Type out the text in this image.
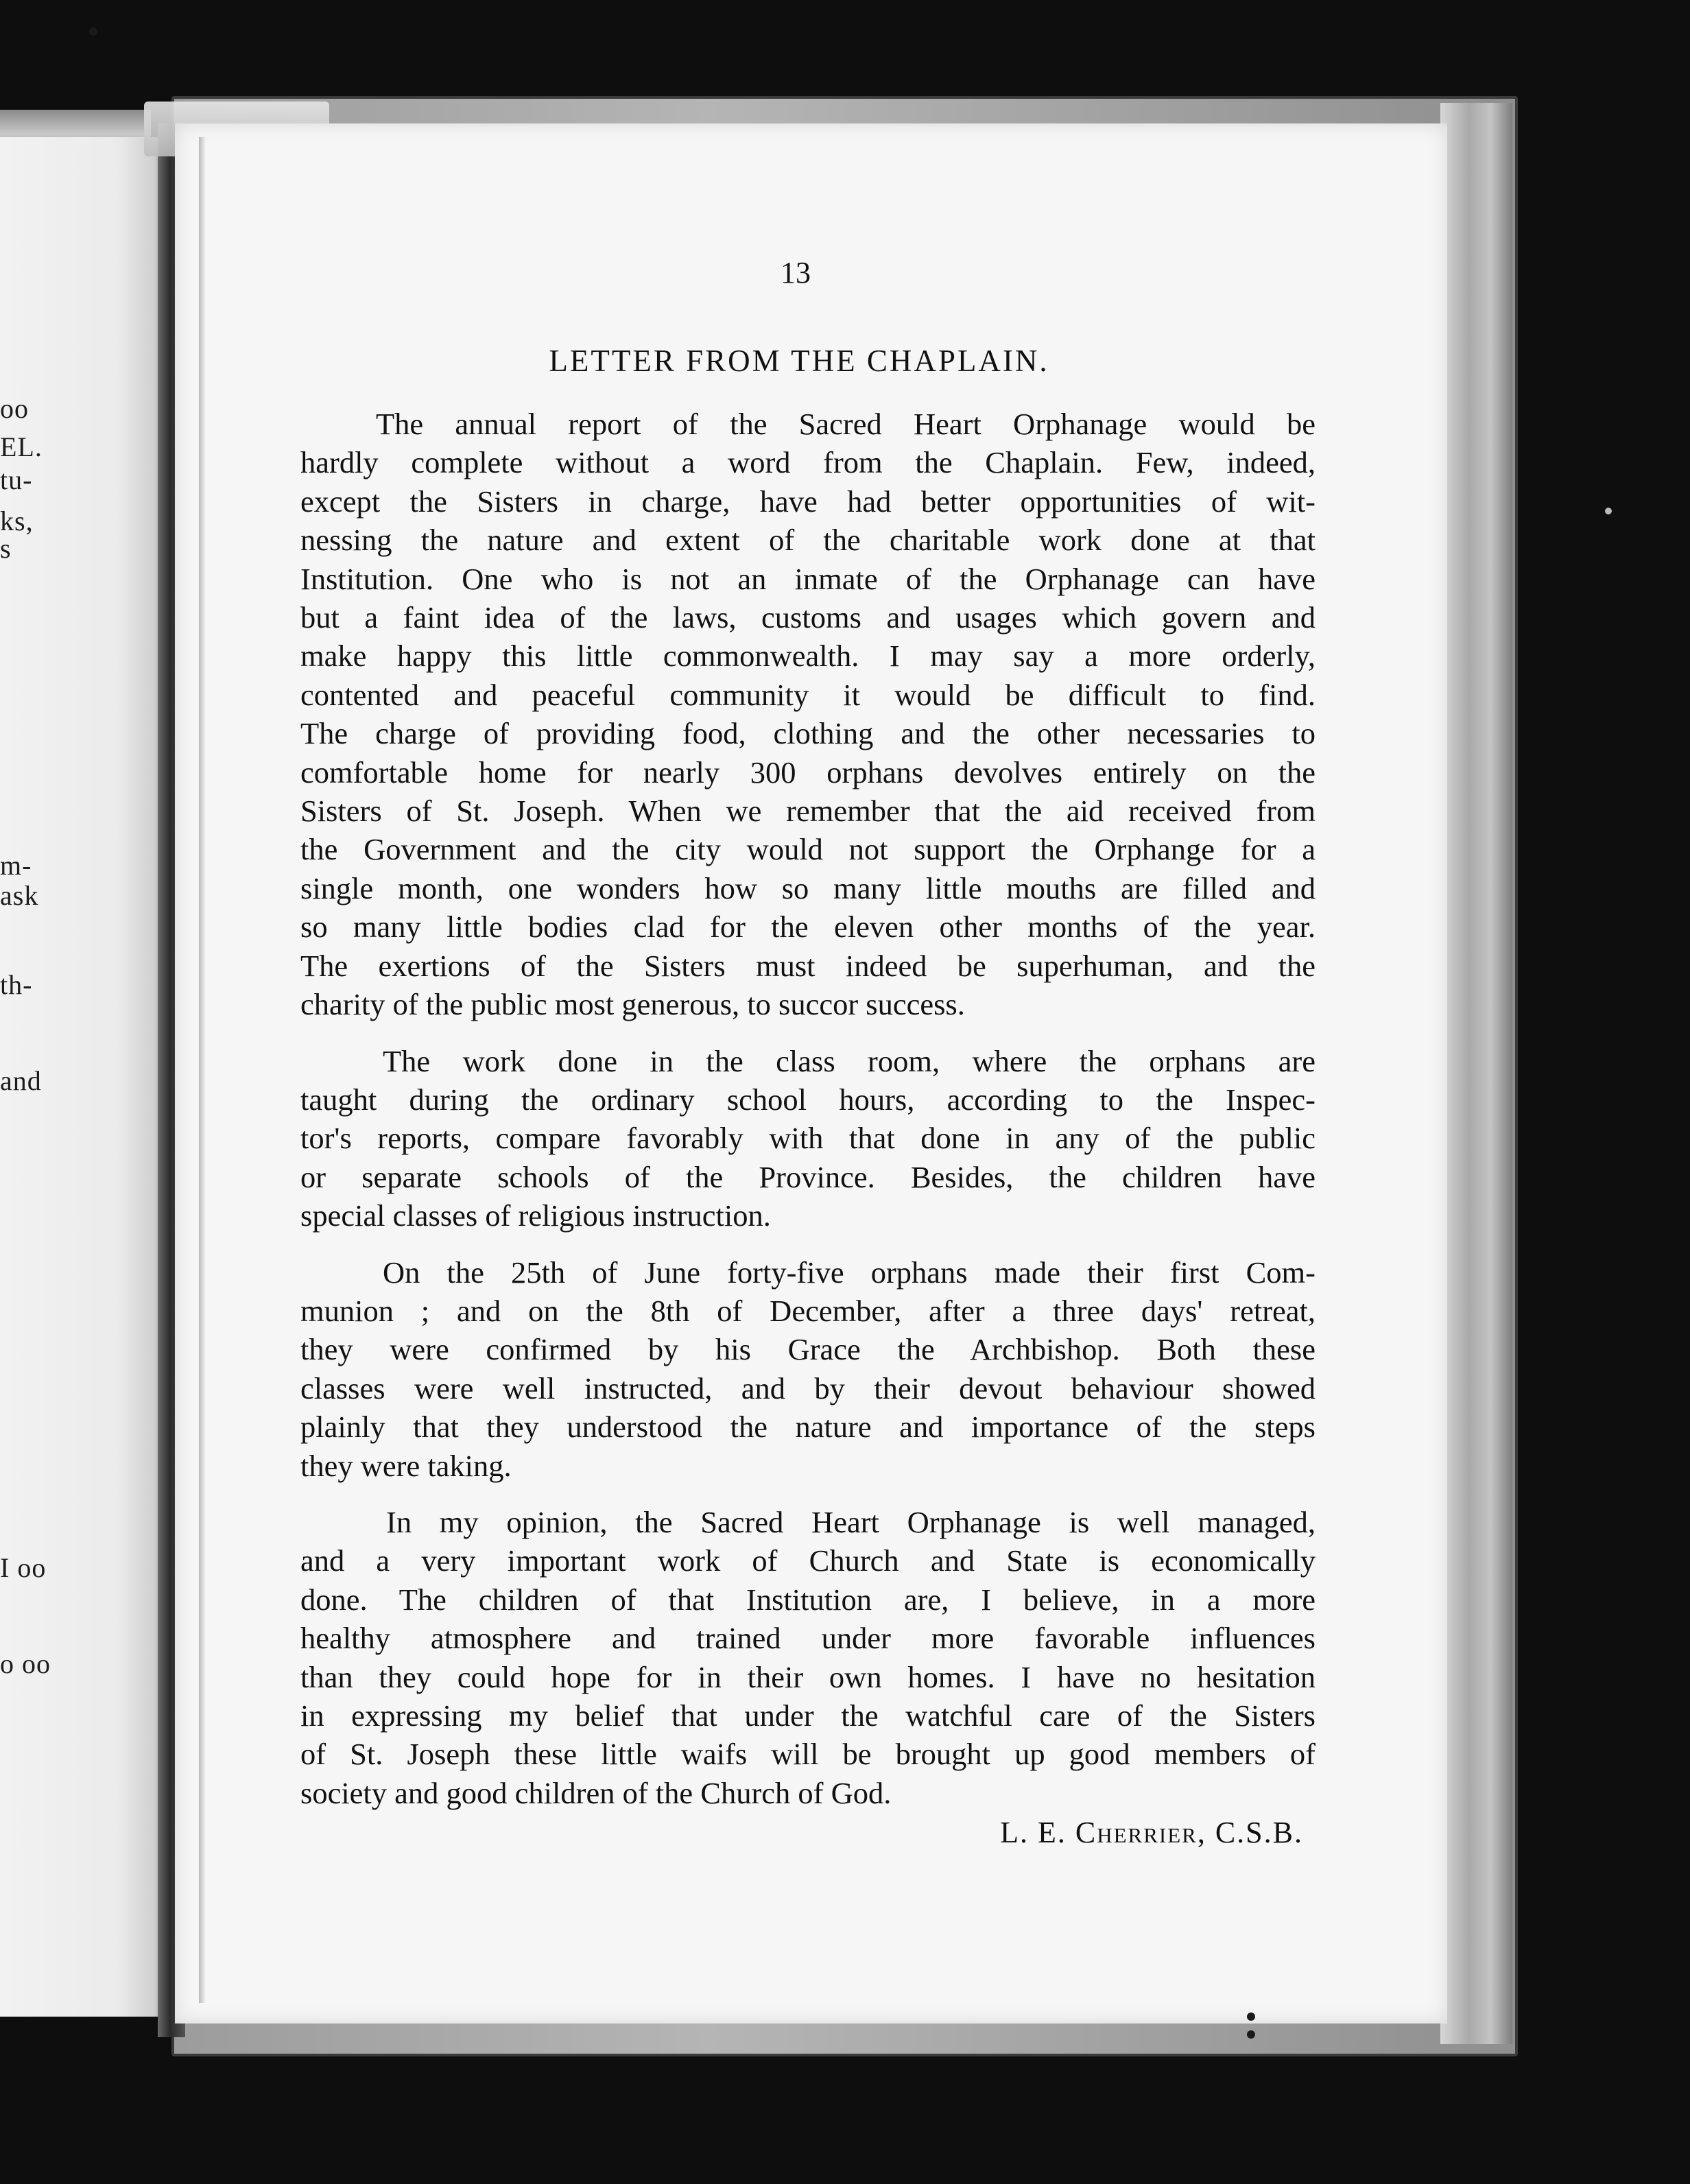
oo
EL.
tu-
ks,
s
m-
ask
th-
and
I oo
o oo
13
LETTER FROM THE CHAPLAIN.

The annual report of the Sacred Heart Orphanage would be
hardly complete without a word from the Chaplain. Few, indeed,
except the Sisters in charge, have had better opportunities of wit-
nessing the nature and extent of the charitable work done at that
Institution. One who is not an inmate of the Orphanage can have
but a faint idea of the laws, customs and usages which govern and
make happy this little commonwealth. I may say a more orderly,
contented and peaceful community it would be difficult to find.
The charge of providing food, clothing and the other necessaries to
comfortable home for nearly 300 orphans devolves entirely on the
Sisters of St. Joseph. When we remember that the aid received from
the Government and the city would not support the Orphange for a
single month, one wonders how so many little mouths are filled and
so many little bodies clad for the eleven other months of the year.
The exertions of the Sisters must indeed be superhuman, and the
charity of the public most generous, to succor success.

The work done in the class room, where the orphans are
taught during the ordinary school hours, according to the Inspec-
tor's reports, compare favorably with that done in any of the public
or separate schools of the Province. Besides, the children have
special classes of religious instruction.

On the 25th of June forty-five orphans made their first Com-
munion ; and on the 8th of December, after a three days' retreat,
they were confirmed by his Grace the Archbishop. Both these
classes were well instructed, and by their devout behaviour showed
plainly that they understood the nature and importance of the steps
they were taking.

In my opinion, the Sacred Heart Orphanage is well managed,
and a very important work of Church and State is economically
done. The children of that Institution are, I believe, in a more
healthy atmosphere and trained under more favorable influences
than they could hope for in their own homes. I have no hesitation
in expressing my belief that under the watchful care of the Sisters
of St. Joseph these little waifs will be brought up good members of
society and good children of the Church of God.

L. E. Cherrier, C.S.B.
